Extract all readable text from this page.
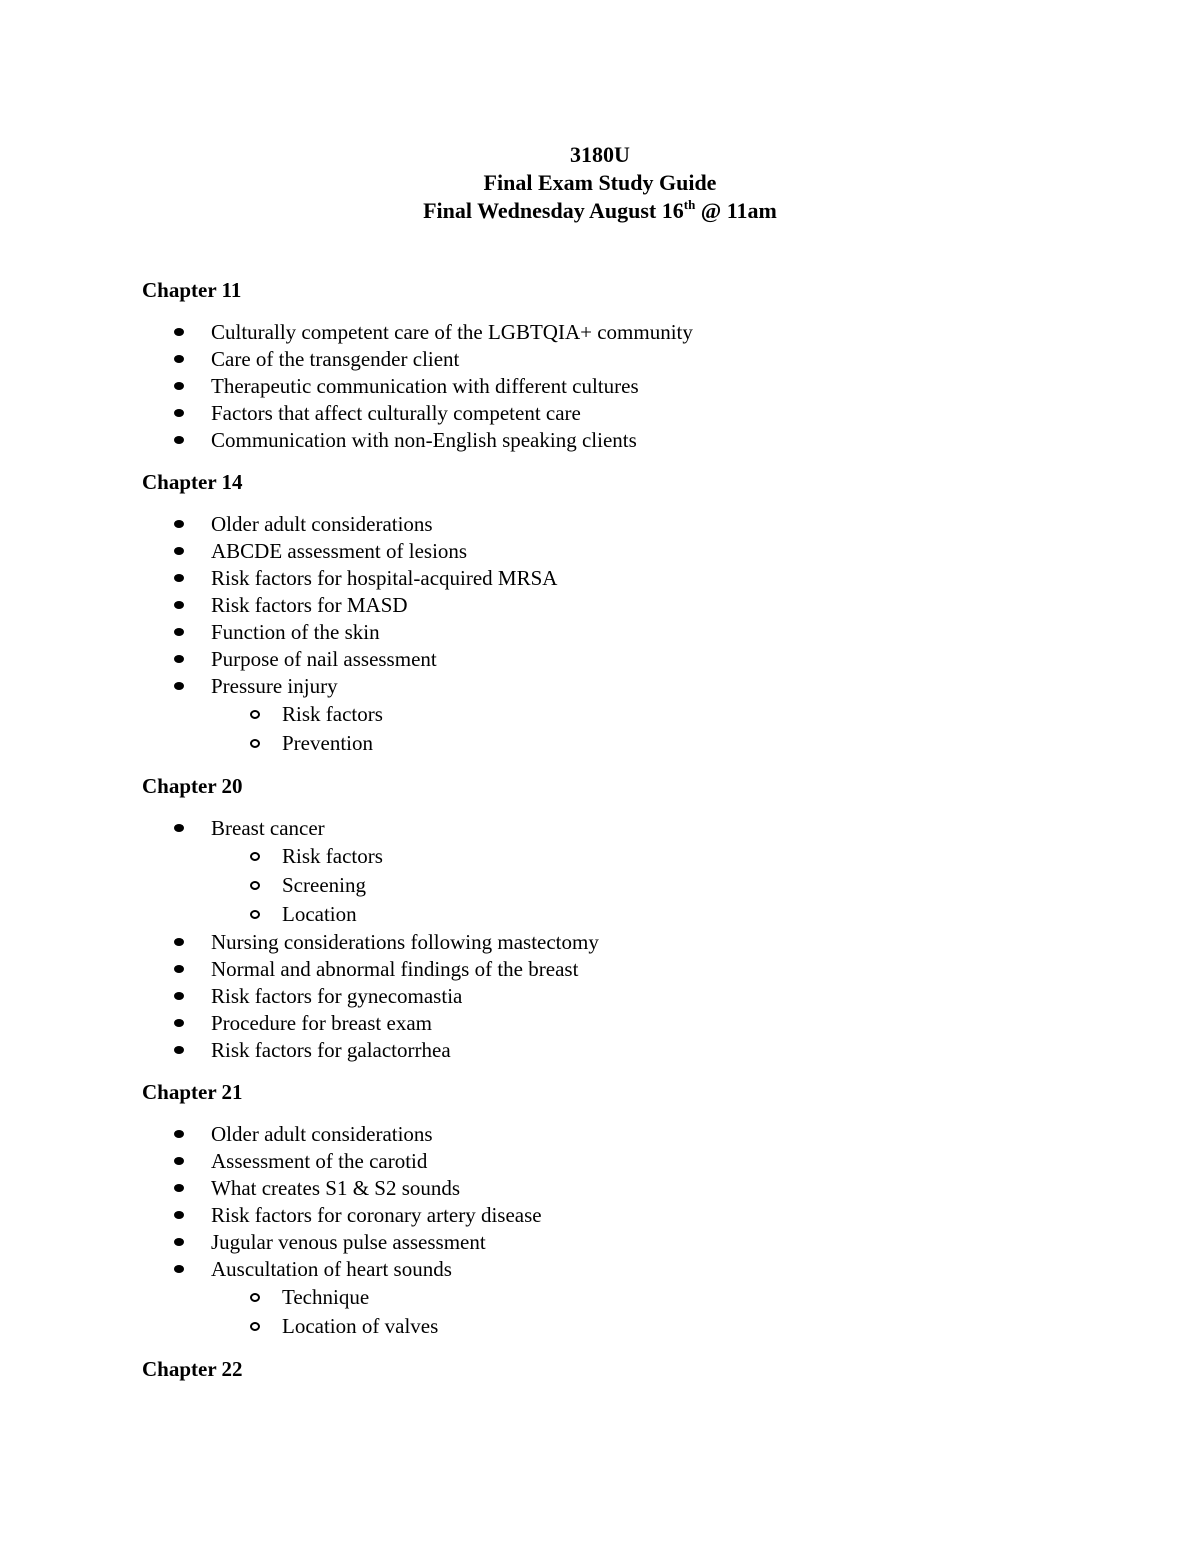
3180U
Final Exam Study Guide
Final Wednesday August 16th @ 11am
Chapter 11
Culturally competent care of the LGBTQIA+ community
Care of the transgender client
Therapeutic communication with different cultures
Factors that affect culturally competent care
Communication with non-English speaking clients
Chapter 14
Older adult considerations
ABCDE assessment of lesions
Risk factors for hospital-acquired MRSA
Risk factors for MASD
Function of the skin
Purpose of nail assessment
Pressure injury
Risk factors
Prevention
Chapter 20
Breast cancer
Risk factors
Screening
Location
Nursing considerations following mastectomy
Normal and abnormal findings of the breast
Risk factors for gynecomastia
Procedure for breast exam
Risk factors for galactorrhea
Chapter 21
Older adult considerations
Assessment of the carotid
What creates S1 & S2 sounds
Risk factors for coronary artery disease
Jugular venous pulse assessment
Auscultation of heart sounds
Technique
Location of valves
Chapter 22
